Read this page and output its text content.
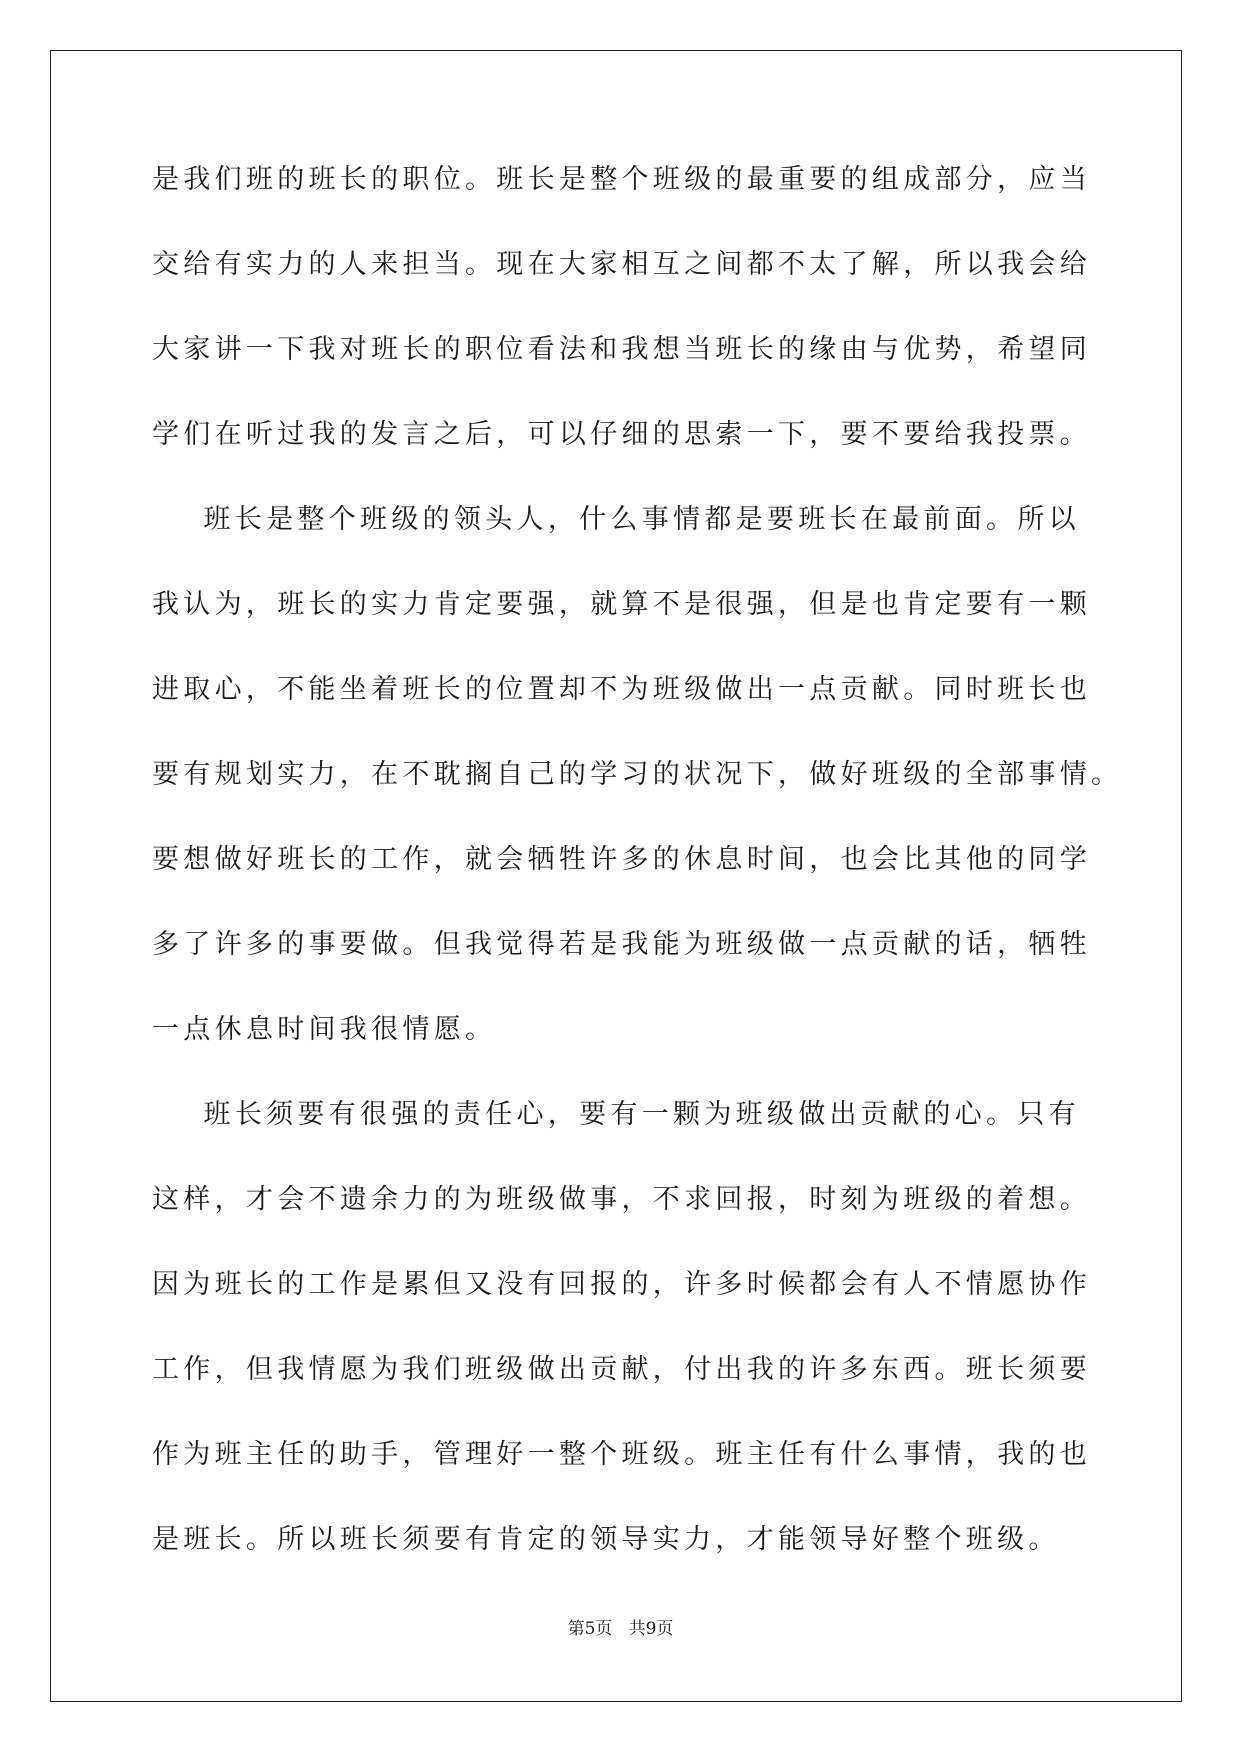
是我们班的班长的职位。班长是整个班级的最重要的组成部分，应当
交给有实力的人来担当。现在大家相互之间都不太了解，所以我会给
大家讲一下我对班长的职位看法和我想当班长的缘由与优势，希望同
学们在听过我的发言之后，可以仔细的思索一下，要不要给我投票。
班长是整个班级的领头人，什么事情都是要班长在最前面。所以
我认为，班长的实力肯定要强，就算不是很强，但是也肯定要有一颗
进取心，不能坐着班长的位置却不为班级做出一点贡献。同时班长也
要有规划实力，在不耽搁自己的学习的状况下，做好班级的全部事情。
要想做好班长的工作，就会牺牲许多的休息时间，也会比其他的同学
多了许多的事要做。但我觉得若是我能为班级做一点贡献的话，牺牲
一点休息时间我很情愿。
班长须要有很强的责任心，要有一颗为班级做出贡献的心。只有
这样，才会不遗余力的为班级做事，不求回报，时刻为班级的着想。
因为班长的工作是累但又没有回报的，许多时候都会有人不情愿协作
工作，但我情愿为我们班级做出贡献，付出我的许多东西。班长须要
作为班主任的助手，管理好一整个班级。班主任有什么事情，我的也
是班长。所以班长须要有肯定的领导实力，才能领导好整个班级。
第5页   共9页
